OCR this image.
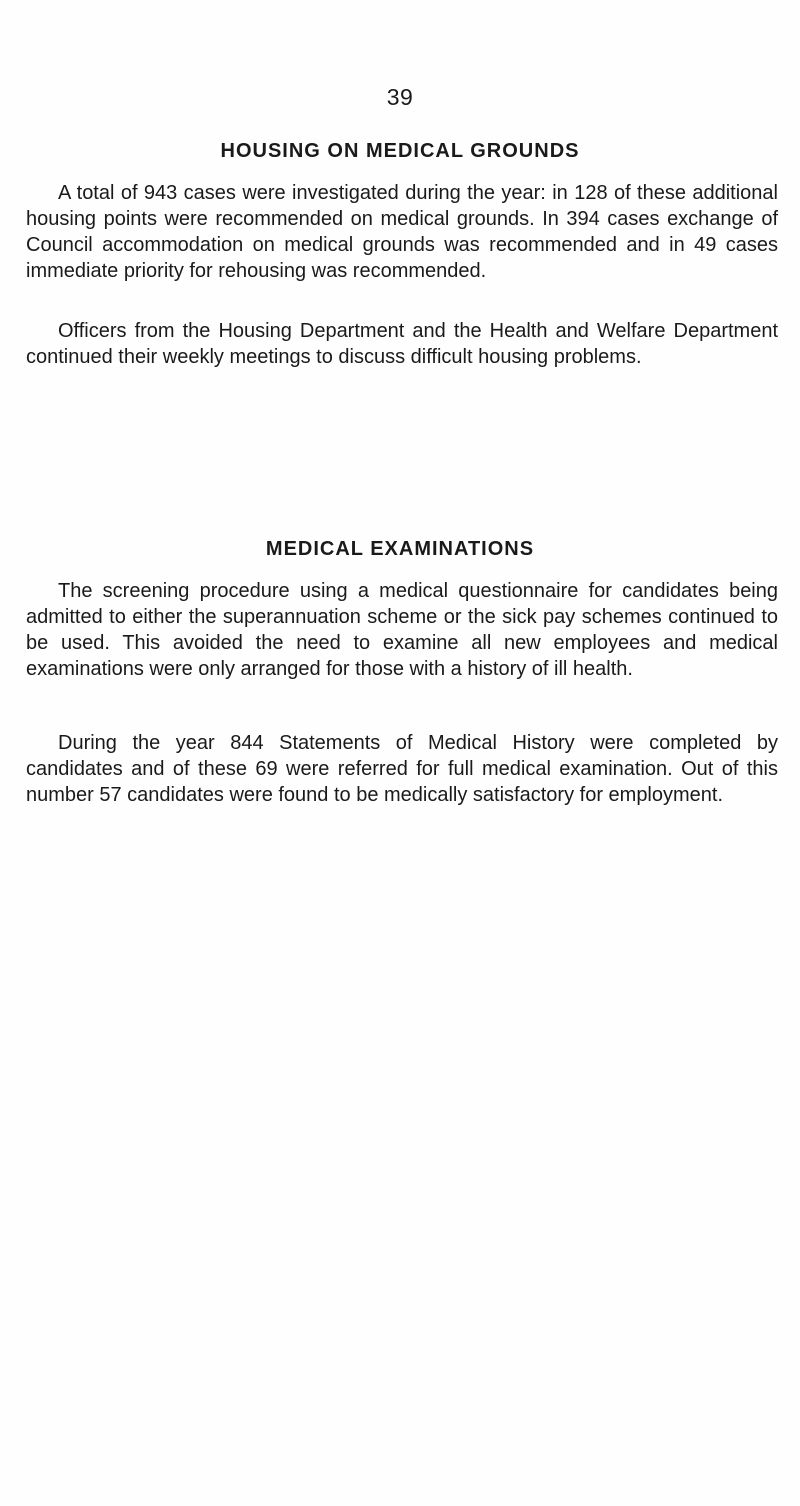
39
HOUSING ON MEDICAL GROUNDS

A total of 943 cases were investigated during the year: in 128 of these additional housing points were recommended on medical grounds. In 394 cases exchange of Council accommodation on medical grounds was recommended and in 49 cases immediate priority for rehousing was recommended.

Officers from the Housing Department and the Health and Welfare Department continued their weekly meetings to discuss difficult housing problems.

MEDICAL EXAMINATIONS

The screening procedure using a medical questionnaire for candidates being admitted to either the superannuation scheme or the sick pay schemes continued to be used. This avoided the need to examine all new employees and medical examinations were only arranged for those with a history of ill health.

During the year 844 Statements of Medical History were completed by candidates and of these 69 were referred for full medical examination. Out of this number 57 candidates were found to be medically satisfactory for employment.
